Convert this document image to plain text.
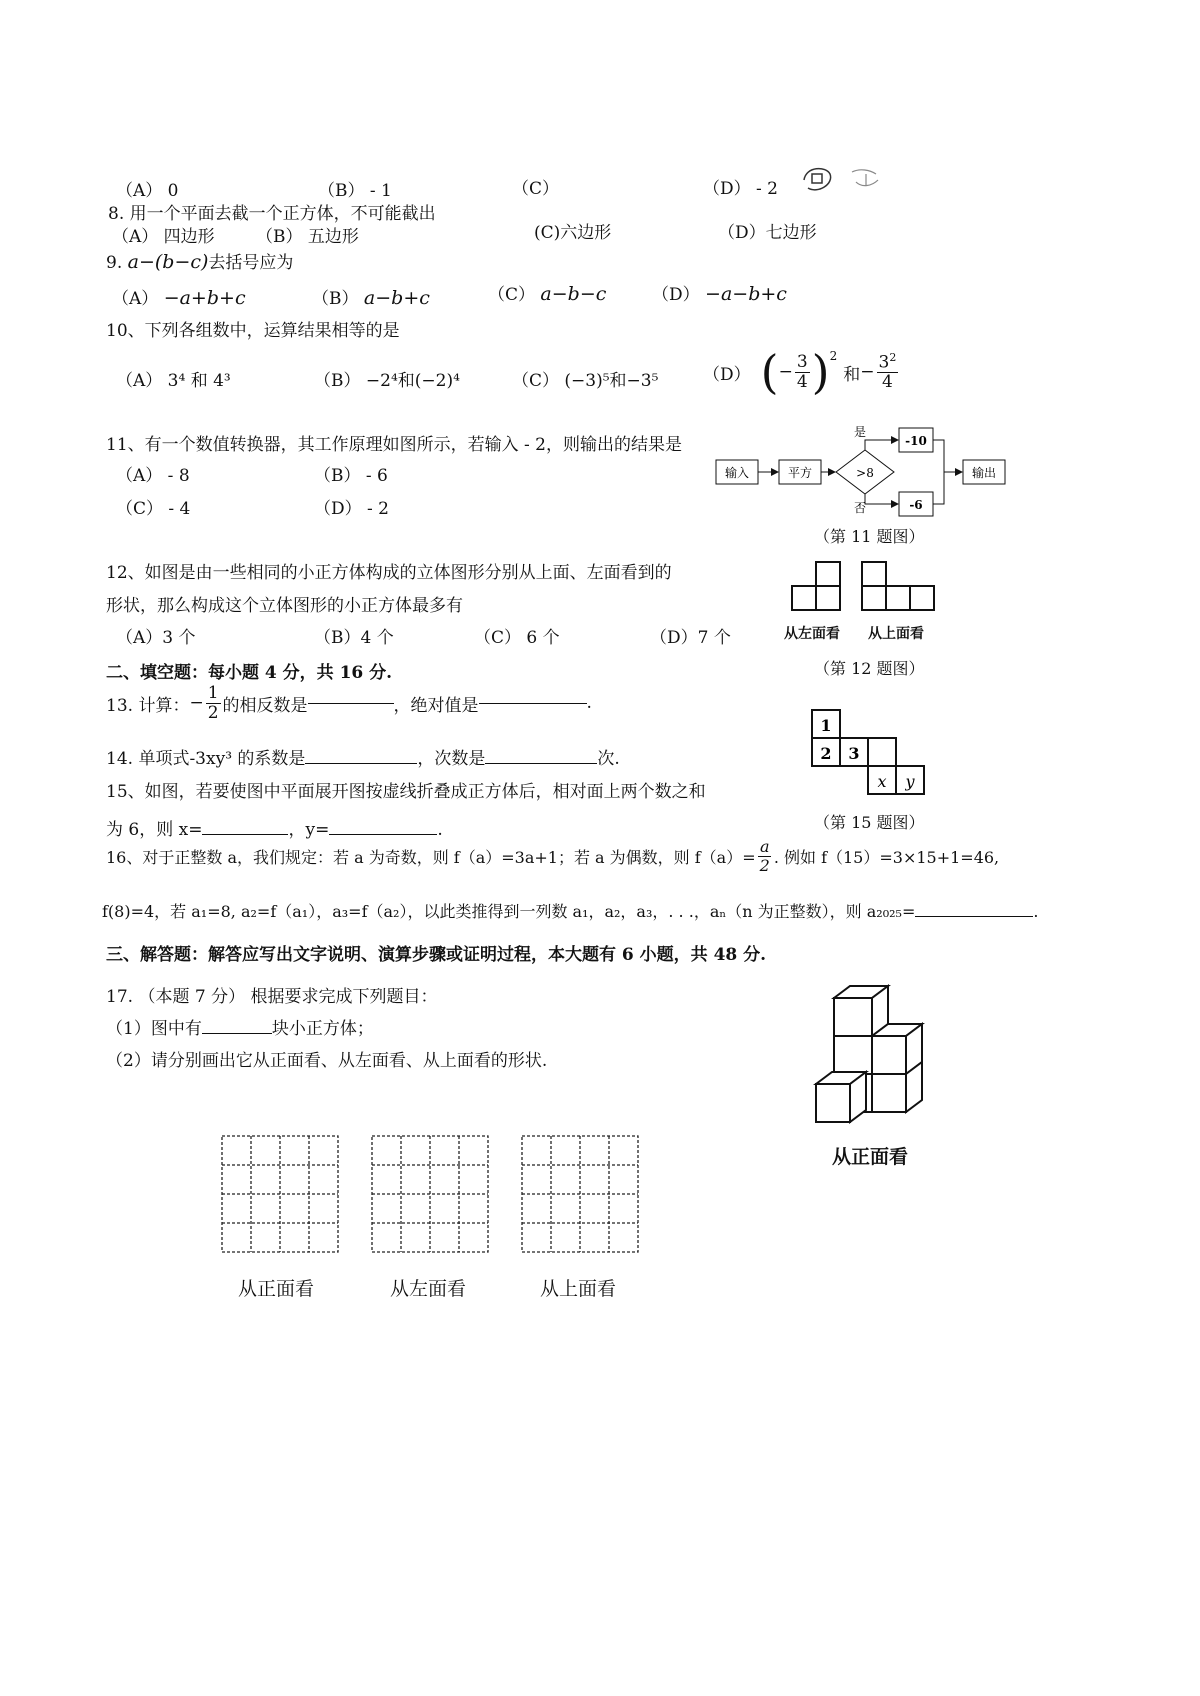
（A） 0	（B） - 1	（C）	（D） - 2
8. 用一个平面去截一个正方体，不可能截出
（A） 四边形 （B） 五边形	(C)六边形	（D）七边形
9. a−(b−c)去括号应为
（A） −a+b+c	（B） a−b+c	（C） a−b−c	（D） −a−b+c
10、下列各组数中，运算结果相等的是
（A） 3⁴ 和 4³	（B） −2⁴和(−2)⁴	（C） (−3)⁵和−3⁵	（D） ( − $\frac{3}{4} )^2$
和 − $\frac{3^2}{4}$
11、有一个数值转换器，其工作原理如图所示，若输入 - 2，则输出的结果是
（A） - 8	（B） - 6
（C） - 4	（D） - 2
输入	平方	>8
是
否
-10
-6
输出
（第 11 题图）
12、如图是由一些相同的小正方体构成的立体图形分别从上面、左面看到的
形状，那么构成这个立体图形的小正方体最多有
（A）3 个	（B）4 个	（C） 6 个	（D）7 个	从左面看 从上面看
（第 12 题图）
二、填空题：每小题 4 分，共 16 分.
13. 计算： − $\frac{1}{2}$ 的相反数是	，绝对值是	.
14. 单项式-3xy³ 的系数是	，次数是	次.
15、如图，若要使图中平面展开图按虚线折叠成正方体后，相对面上两个数之和
为 6，则 x=	，y=	.
1
2 3
x y
（第 15 题图）
16、对于正整数 a，我们规定：若 a 为奇数，则 f（a）=3a+1；若 a 为偶数，则 $f(a)= \frac{a}{2}$ . 例如 f（15）=3×15+1=46,
f(8)=4，若 a₁=8, a₂=f（a₁），a₃=f（a₂），以此类推得到一列数 a₁，a₂，a₃，. . .，aₙ（n 为正整数），则 a₂₀₂₅=	.
三、解答题：解答应写出文字说明、演算步骤或证明过程，本大题有 6 小题，共 48 分.
17. （本题 7 分） 根据要求完成下列题目：
（1）图中有	块小正方体；
（2）请分别画出它从正面看、从左面看、从上面看的形状.
从正面看
从正面看	从左面看	从上面看
